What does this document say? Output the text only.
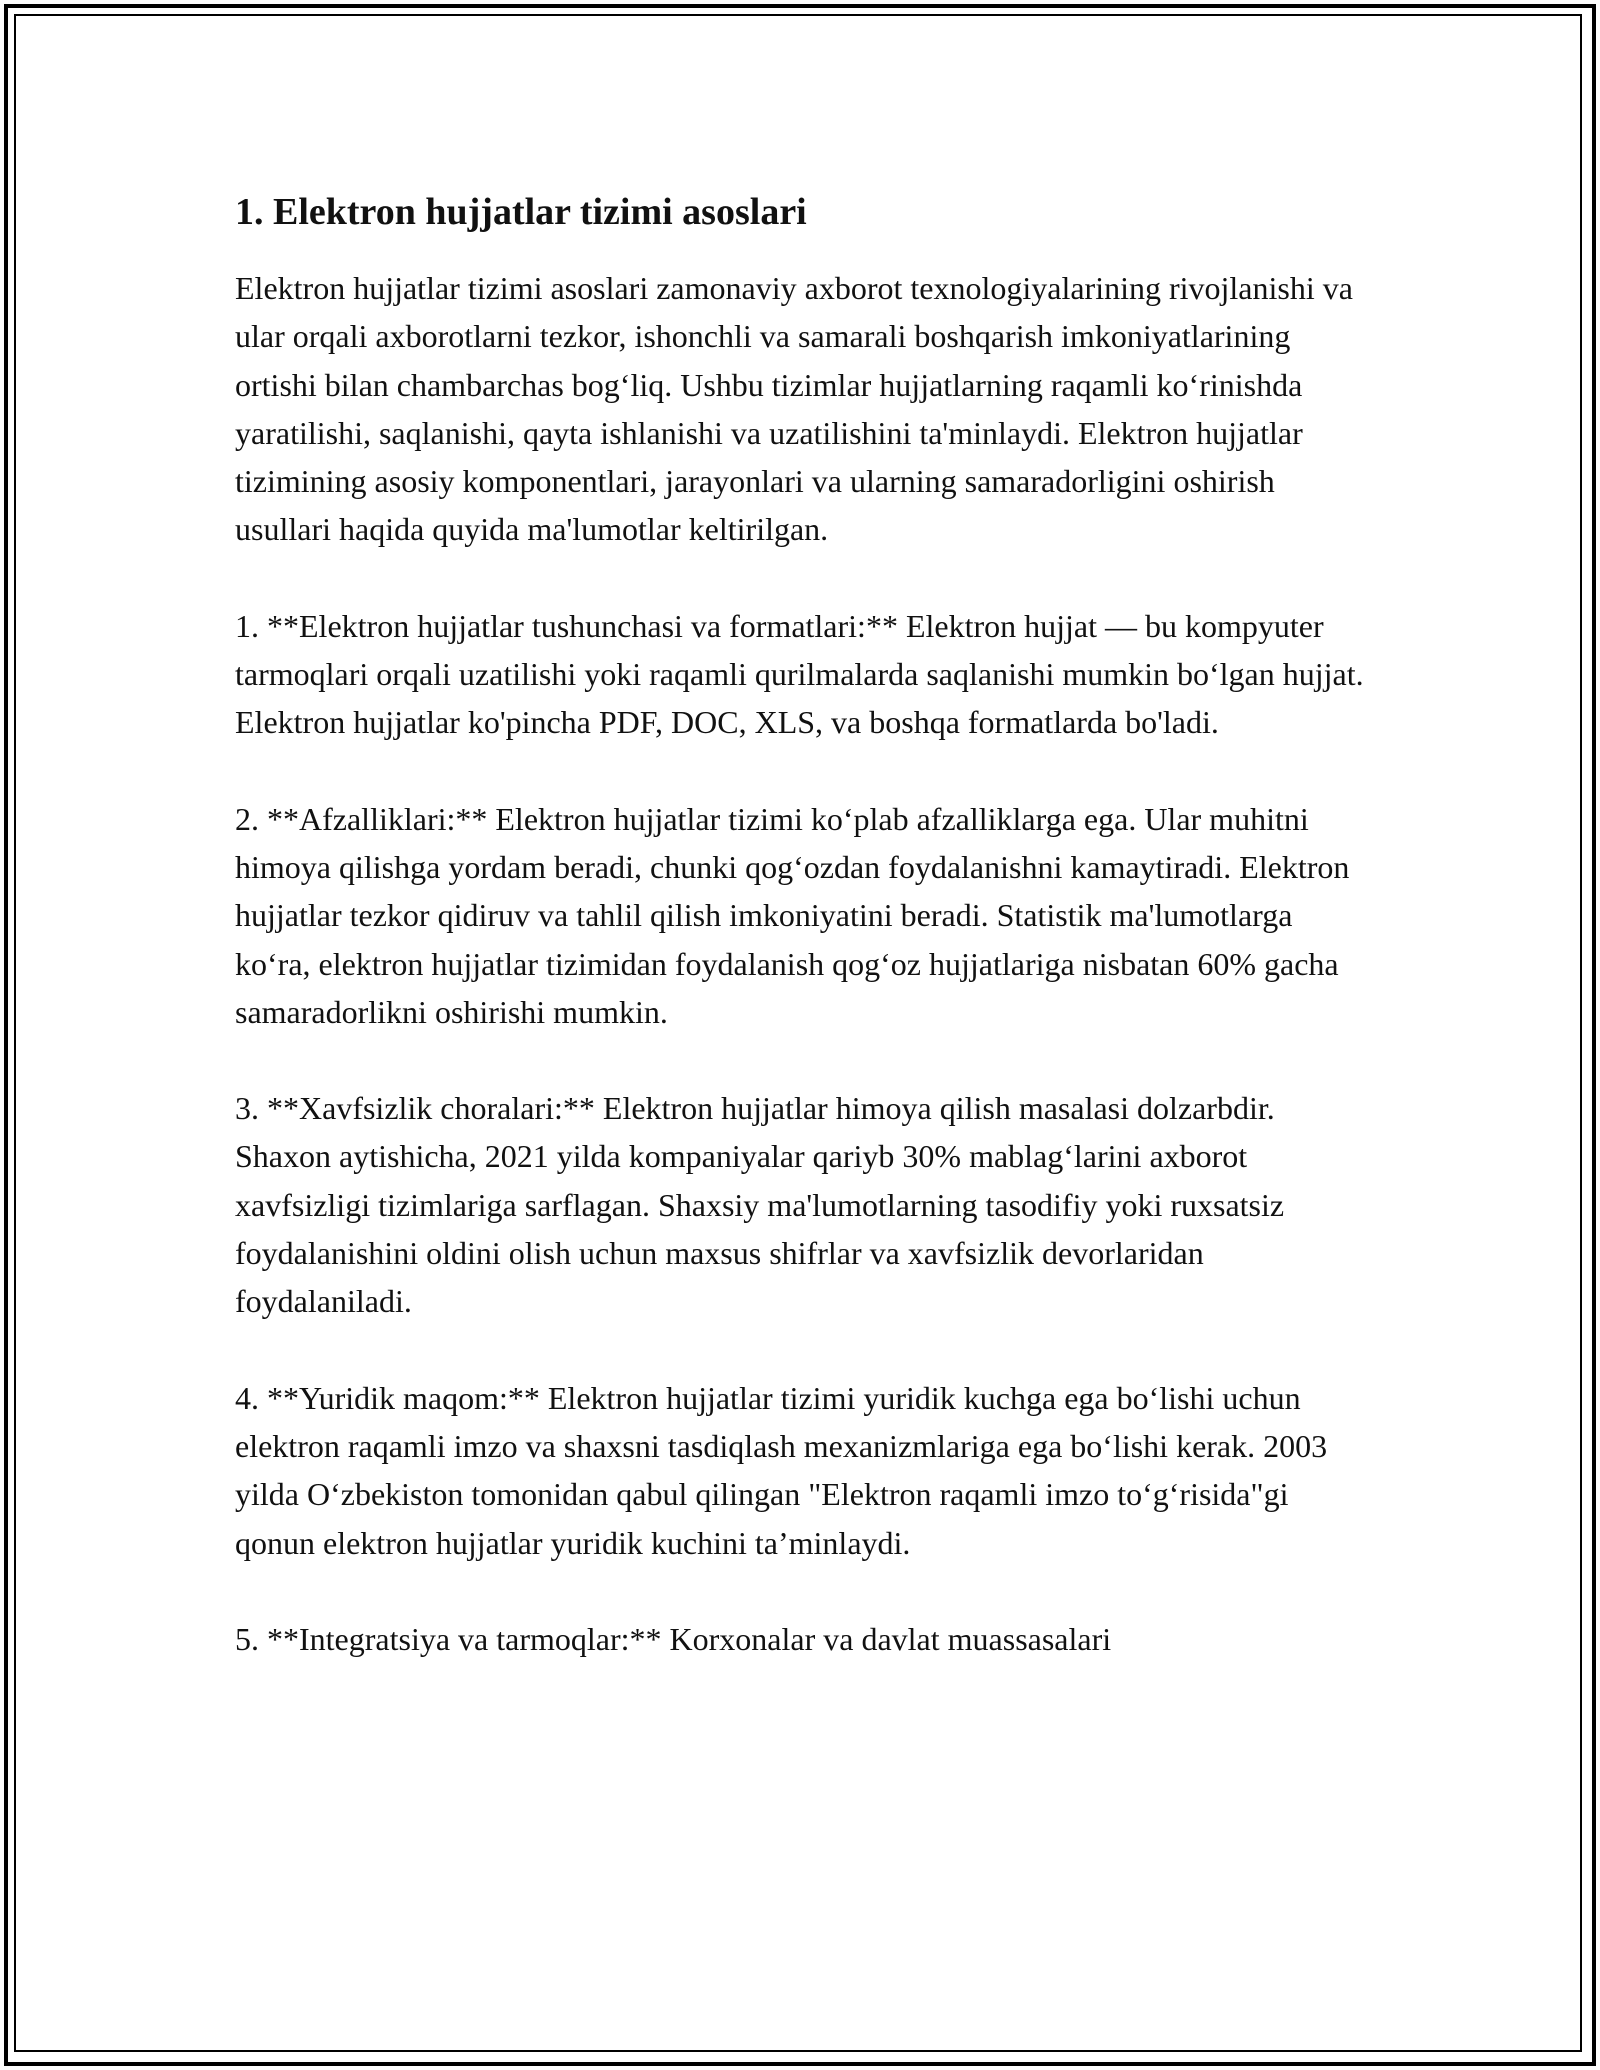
1. Elektron hujjatlar tizimi asoslari

Elektron hujjatlar tizimi asoslari zamonaviy axborot texnologiyalarining rivojlanishi va ular orqali axborotlarni tezkor, ishonchli va samarali boshqarish imkoniyatlarining ortishi bilan chambarchas bog‘liq. Ushbu tizimlar hujjatlarning raqamli ko‘rinishda yaratilishi, saqlanishi, qayta ishlanishi va uzatilishini ta'minlaydi. Elektron hujjatlar tizimining asosiy komponentlari, jarayonlari va ularning samaradorligini oshirish usullari haqida quyida ma'lumotlar keltirilgan.

1. **Elektron hujjatlar tushunchasi va formatlari:** Elektron hujjat — bu kompyuter tarmoqlari orqali uzatilishi yoki raqamli qurilmalarda saqlanishi mumkin bo‘lgan hujjat. Elektron hujjatlar ko'pincha PDF, DOC, XLS, va boshqa formatlarda bo'ladi.

2. **Afzalliklari:** Elektron hujjatlar tizimi ko‘plab afzalliklarga ega. Ular muhitni himoya qilishga yordam beradi, chunki qog‘ozdan foydalanishni kamaytiradi. Elektron hujjatlar tezkor qidiruv va tahlil qilish imkoniyatini beradi. Statistik ma'lumotlarga ko‘ra, elektron hujjatlar tizimidan foydalanish qog‘oz hujjatlariga nisbatan 60% gacha samaradorlikni oshirishi mumkin.

3. **Xavfsizlik choralari:** Elektron hujjatlar himoya qilish masalasi dolzarbdir. Shaxon aytishicha, 2021 yilda kompaniyalar qariyb 30% mablag‘larini axborot xavfsizligi tizimlariga sarflagan. Shaxsiy ma'lumotlarning tasodifiy yoki ruxsatsiz foydalanishini oldini olish uchun maxsus shifrlar va xavfsizlik devorlaridan foydalaniladi.

4. **Yuridik maqom:** Elektron hujjatlar tizimi yuridik kuchga ega bo‘lishi uchun elektron raqamli imzo va shaxsni tasdiqlash mexanizmlariga ega bo‘lishi kerak. 2003 yilda O‘zbekiston tomonidan qabul qilingan "Elektron raqamli imzo to‘g‘risida"gi qonun elektron hujjatlar yuridik kuchini ta’minlaydi.

5. **Integratsiya va tarmoqlar:** Korxonalar va davlat muassasalari
